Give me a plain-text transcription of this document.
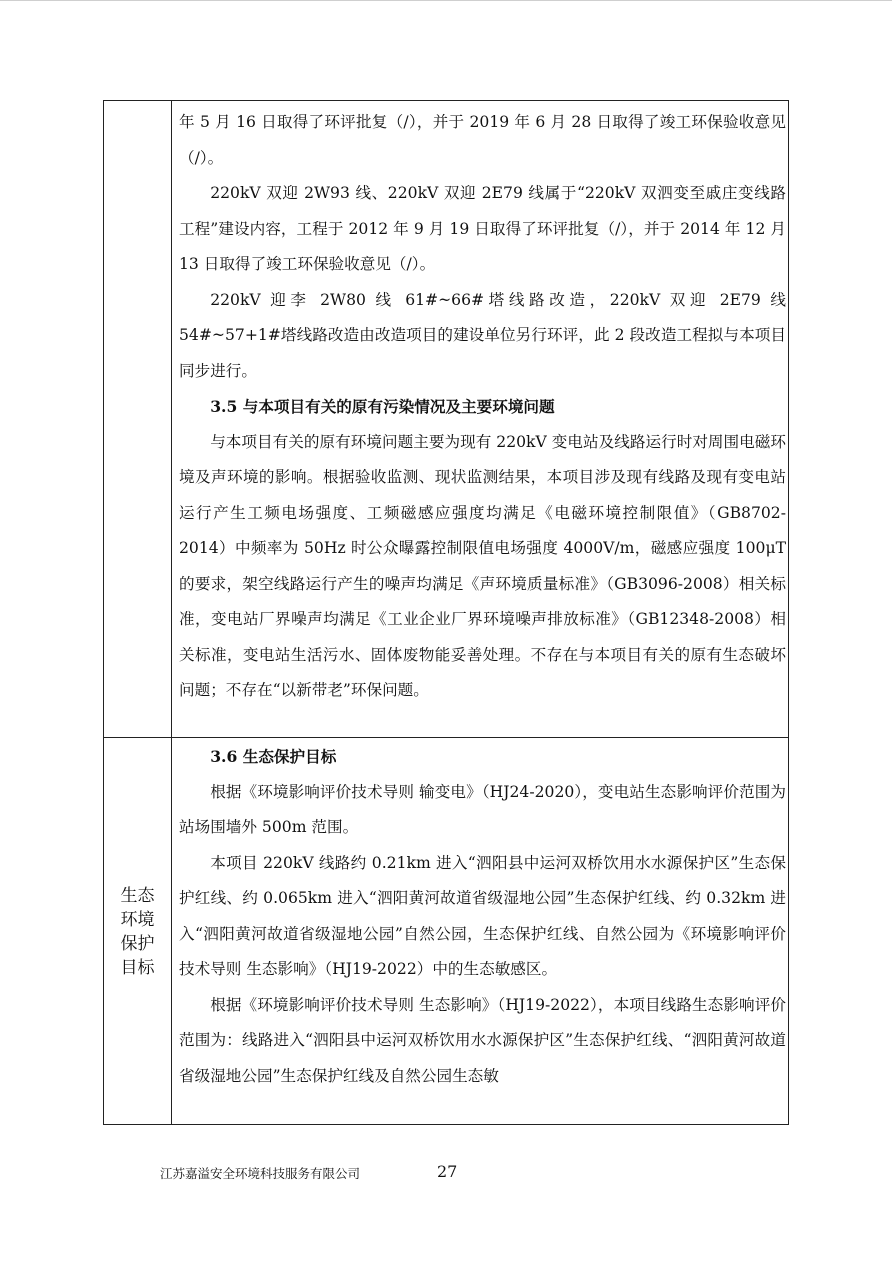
年 5 月 16 日取得了环评批复（/），并于 2019 年 6 月 28 日取得了竣工环保验收意见（/）。

220kV 双迎 2W93 线、220kV 双迎 2E79 线属于“220kV 双泗变至戚庄变线路工程”建设内容，工程于 2012 年 9 月 19 日取得了环评批复（/），并于 2014 年 12 月 13 日取得了竣工环保验收意见（/）。

220kV 迎李 2W80 线 61#~66#塔线路改造，220kV 双迎 2E79 线 54#~57+1#塔线路改造由改造项目的建设单位另行环评，此 2 段改造工程拟与本项目同步进行。

3.5 与本项目有关的原有污染情况及主要环境问题

与本项目有关的原有环境问题主要为现有 220kV 变电站及线路运行时对周围电磁环境及声环境的影响。根据验收监测、现状监测结果，本项目涉及现有线路及现有变电站运行产生工频电场强度、工频磁感应强度均满足《电磁环境控制限值》（GB8702-2014）中频率为 50Hz 时公众曝露控制限值电场强度 4000V/m，磁感应强度 100μT 的要求，架空线路运行产生的噪声均满足《声环境质量标准》（GB3096-2008）相关标准，变电站厂界噪声均满足《工业企业厂界环境噪声排放标准》（GB12348-2008）相关标准，变电站生活污水、固体废物能妥善处理。不存在与本项目有关的原有生态破坏问题；不存在“以新带老”环保问题。

生态
环境
保护
目标

3.6 生态保护目标

根据《环境影响评价技术导则 输变电》（HJ24-2020），变电站生态影响评价范围为站场围墙外 500m 范围。

本项目 220kV 线路约 0.21km 进入“泗阳县中运河双桥饮用水水源保护区”生态保护红线、约 0.065km 进入“泗阳黄河故道省级湿地公园”生态保护红线、约 0.32km 进入“泗阳黄河故道省级湿地公园”自然公园，生态保护红线、自然公园为《环境影响评价技术导则 生态影响》（HJ19-2022）中的生态敏感区。

根据《环境影响评价技术导则 生态影响》（HJ19-2022），本项目线路生态影响评价范围为：线路进入“泗阳县中运河双桥饮用水水源保护区”生态保护红线、“泗阳黄河故道省级湿地公园”生态保护红线及自然公园生态敏

江苏嘉溢安全环境科技服务有限公司	27
